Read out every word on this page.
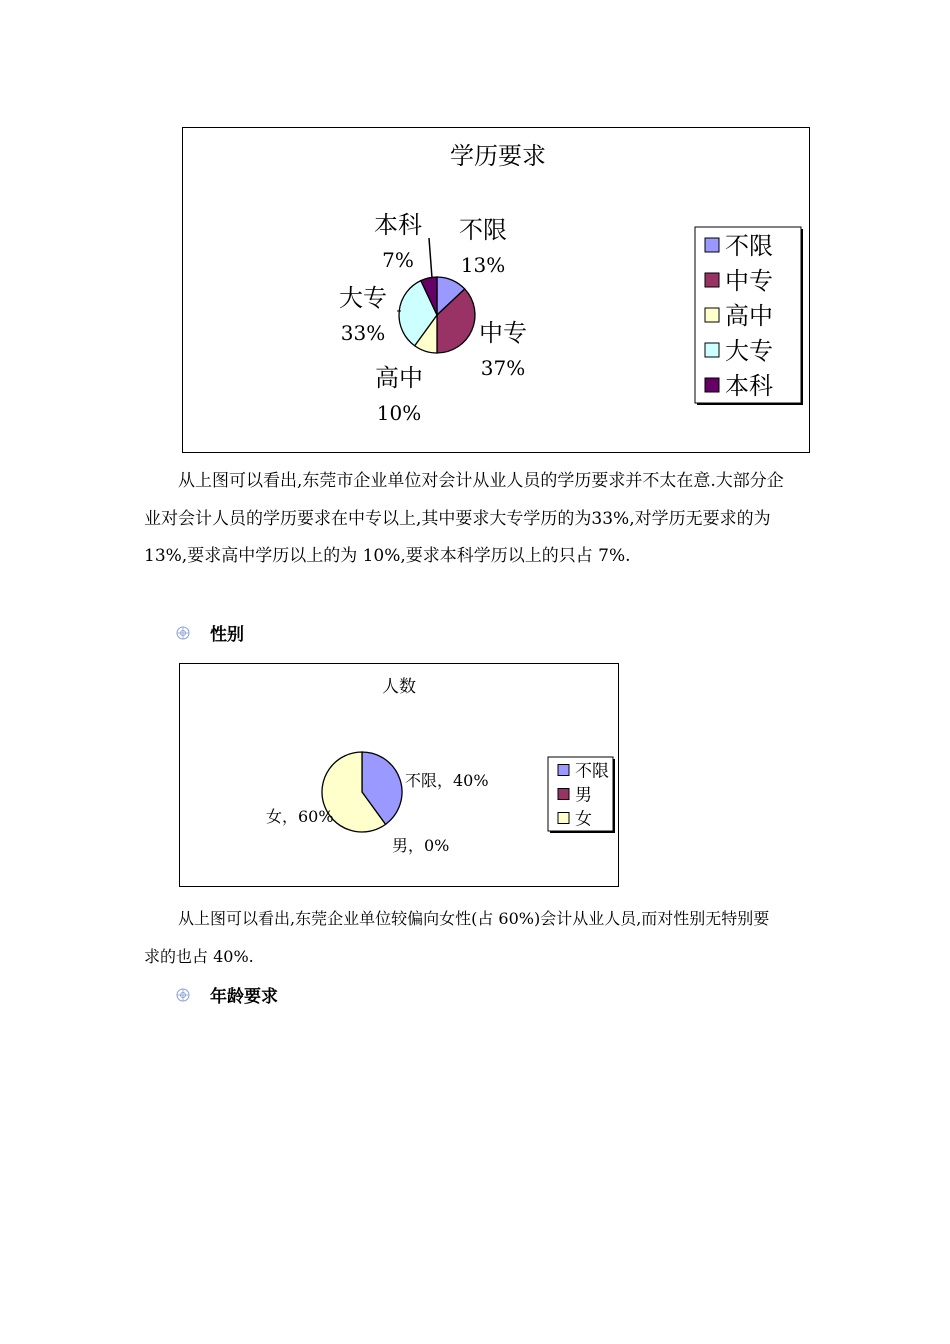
学历要求
不限
13%
中专
37%
高中
10%
大专
33%
本科
7%	不限
中专
高中
大专
本科

从上图可以看出,东莞市企业单位对会计从业人员的学历要求并不太在意.大部分企业对会计人员的学历要求在中专以上,其中要求大专学历的为33%,对学历无要求的为 13%,要求高中学历以上的为 10%,要求本科学历以上的只占 7%.

性别
人数
不限，40%
男，0%
女，60%
不限
男
女

从上图可以看出,东莞企业单位较偏向女性(占 60%)会计从业人员,而对性别无特别要求的也占 40%.

年龄要求
